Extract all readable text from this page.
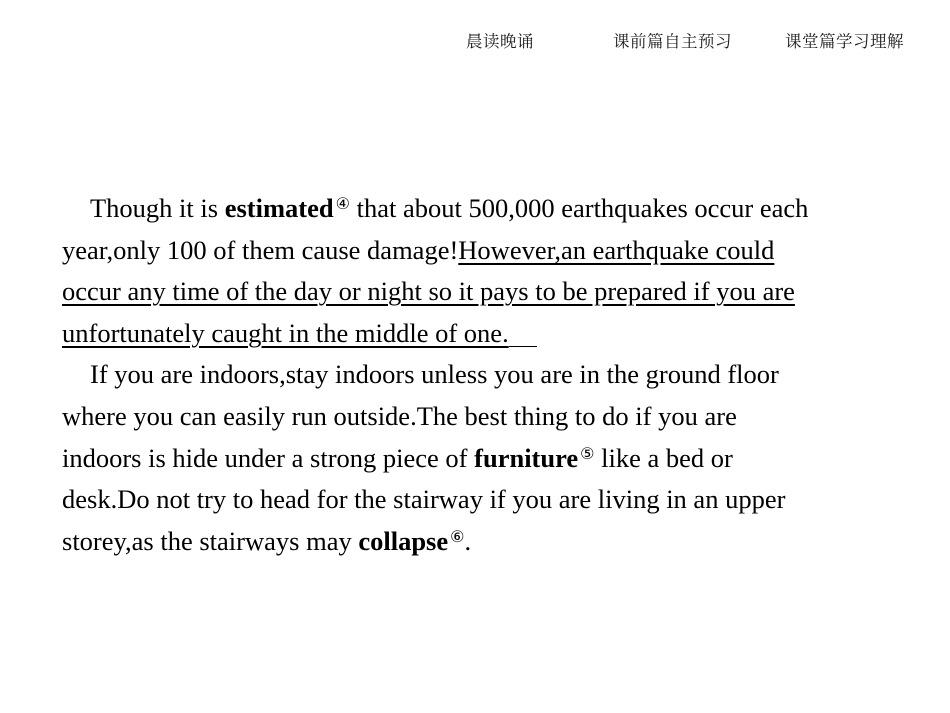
晨读晚诵	课前篇自主预习	课堂篇学习理解
Though it is estimated ④ that about 500,000 earthquakes occur each
year,only 100 of them cause damage!However,an earthquake could
occur any time of the day or night so it pays to be prepared if you are
unfortunately caught in the middle of one.
If you are indoors,stay indoors unless you are in the ground floor
where you can easily run outside.The best thing to do if you are
indoors is hide under a strong piece of furniture ⑤ like a bed or
desk.Do not try to head for the stairway if you are living in an upper
storey,as the stairways may collapse ⑥.
